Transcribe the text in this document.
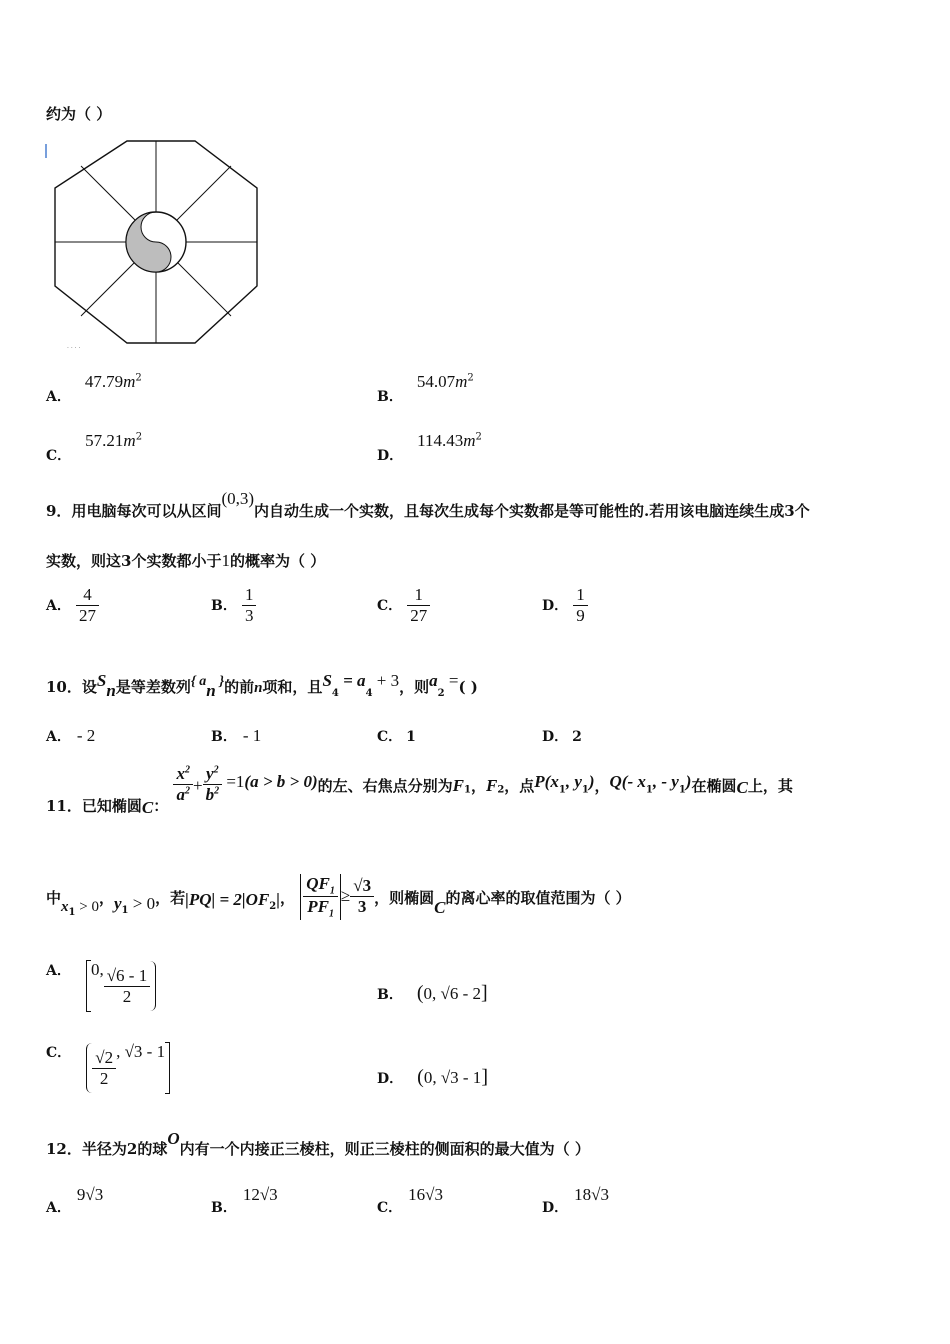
约为（ ）
· · · ·
A．$47.79m^2$
B．$54.07m^2$
C．$57.21m^2$
D．$114.43m^2$
9．用电脑每次可以从区间(0,3)内自动生成一个实数，且每次生成每个实数都是等可能性的.若用该电脑连续生成3个
实数，则这3个实数都小于1的概率为（ ）
A． $\frac{4}{27}$	B． $\frac{1}{3}$	C． $\frac{1}{27}$	D． $\frac{1}{9}$
10．设$S_n$是等差数列{ $a_n$ }的前n项和，且$S_4 = a_4 + 3$，则$a_2$ =( )
A． - 2	B． - 1	C． 1	D． 2
11．已知椭圆C：
$\frac{x^2}{a^2} + \frac{y^2}{b^2} =1(a > b > 0)$的左、右焦点分别为$F_1$，$F_2$，点$P(x_1$, $y_1$)，Q(- $x_1$, - $y_1$)在椭圆C上，其
中$x_1 > 0$，$y_1 > 0$，若$|PQ| = 2|OF_2|$， $\frac{QF_1}{PF_1} \ge \frac{√3}{3}$ ，则椭圆C的离心率的取值范围为（ ）
A． 0, $\frac{√6 - 1}{2}$	B． (0, √6 - 2]
C． $\frac{√2}{2}$ , √3 - 1
D． (0, √3 - 1]
12．半径为2的球O内有一个内接正三棱柱，则正三棱柱的侧面积的最大值为（ ）
A．9√3
B．12√3
C．16√3
D．18√3
